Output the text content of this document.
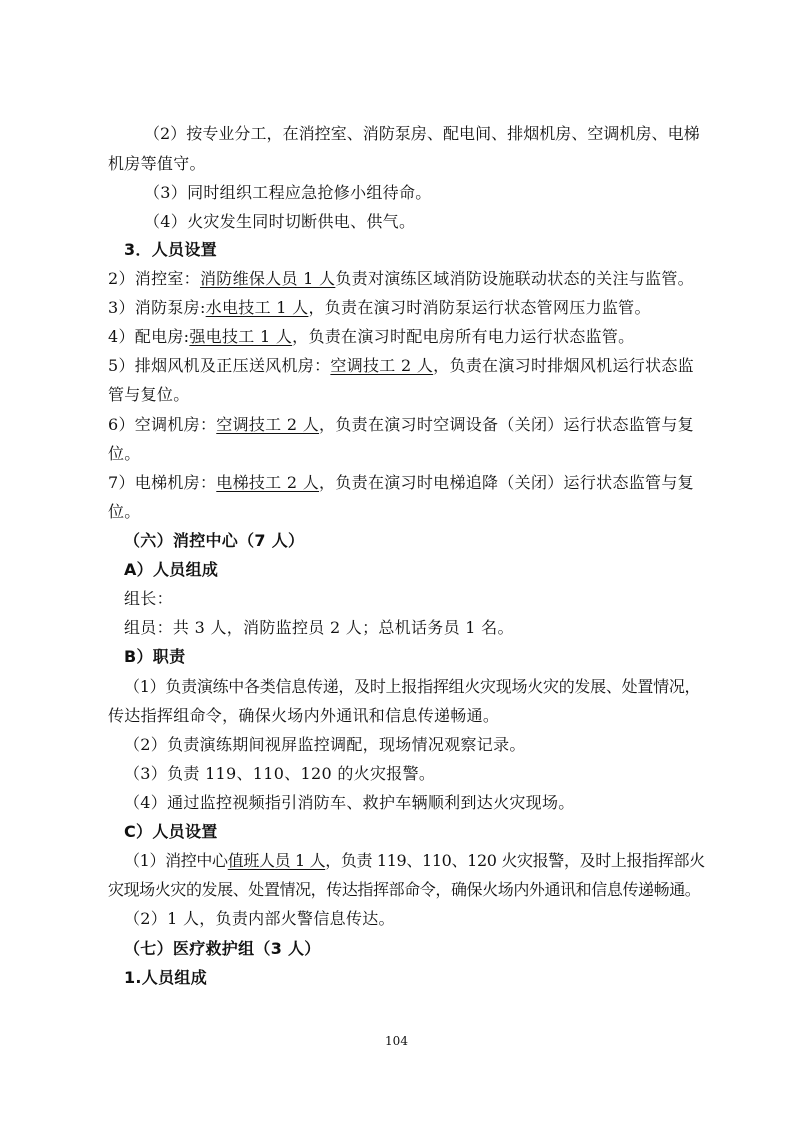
（2）按专业分工，在消控室、消防泵房、配电间、排烟机房、空调机房、电梯
机房等值守。
（3）同时组织工程应急抢修小组待命。
（4）火灾发生同时切断供电、供气。
3．人员设置
2）消控室：消防维保人员 1 人负责对演练区域消防设施联动状态的关注与监管。
3）消防泵房:水电技工 1 人，负责在演习时消防泵运行状态管网压力监管。
4）配电房:强电技工 1 人，负责在演习时配电房所有电力运行状态监管。
5）排烟风机及正压送风机房：空调技工 2 人，负责在演习时排烟风机运行状态监
管与复位。
6）空调机房：空调技工 2 人，负责在演习时空调设备（关闭）运行状态监管与复
位。
7）电梯机房：电梯技工 2 人，负责在演习时电梯追降（关闭）运行状态监管与复
位。
（六）消控中心（7 人）
A）人员组成
组长：
组员：共 3 人，消防监控员 2 人；总机话务员 1 名。
B）职责
（1）负责演练中各类信息传递，及时上报指挥组火灾现场火灾的发展、处置情况，
传达指挥组命令，确保火场内外通讯和信息传递畅通。
（2）负责演练期间视屏监控调配，现场情况观察记录。
（3）负责 119、110、120 的火灾报警。
（4）通过监控视频指引消防车、救护车辆顺利到达火灾现场。
C）人员设置
（1）消控中心值班人员 1 人，负责 119、110、120 火灾报警，及时上报指挥部火
灾现场火灾的发展、处置情况，传达指挥部命令，确保火场内外通讯和信息传递畅通。
（2）1 人，负责内部火警信息传达。
（七）医疗救护组（3 人）
1.人员组成
104
